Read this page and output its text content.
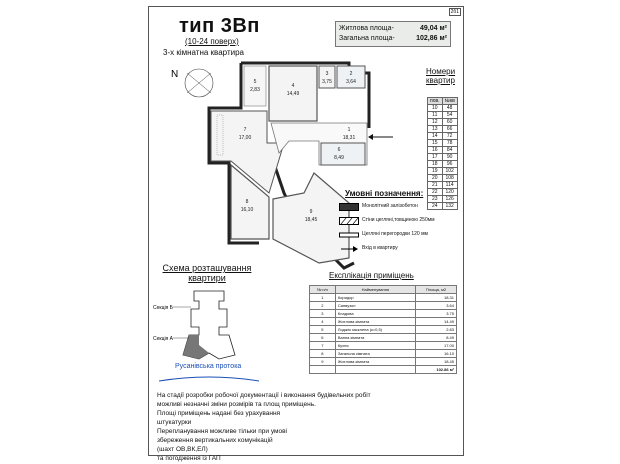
2б1
тип 3Вп
(10-24 поверх)
3-х кімнатна квартира
Житлова площа-	49,04 м²
Загальна площа-	102,86 м²
N
5
2,83
4
14,49
3
3,75
2
3,64
7
17,00
1
18,31
6
8,49
8
16,10	9
18,45
Номери
квартир
пов.	№кв
10	48
11	54
12	60
13	66
14	72
15	78
16	84
17	90
18	96
19	102
20	108
21	114
22	120
23	126
24	132
Умовні позначення:
Монолітний залізобетон
Стіни цегляні,товщиною 250мм
Цегляні перегородки 120 мм
Вхід в квартиру
Схема розташування квартири
Секція Б
Секція А
Русанівська протока
Експлікація приміщень
№ п/п	Найменування	Площа, м2
1	Коридор	18.31
2	Санвузол	3.64
3	Кладова	3.75
4	Житлова кімната	14.49
5	Лоджія засклена (к=0,5)	2.83
6	Ванна кімната	8.49
7	Кухня	17.00
8	Загальна кімната	16.10
9	Житлова кімната	18.45
		102.86 м²
На стадії розробки робочої документації і виконання будівельних робіт
можливі незначні зміни розмірів та площ приміщень.
Площі приміщень надані без урахування
штукатурки
Перепланування можливе тільки при умові
збереження вертикальних комунікацій
(шахт ОВ,ВК,ЕЛ)
та погодження із ГАП
